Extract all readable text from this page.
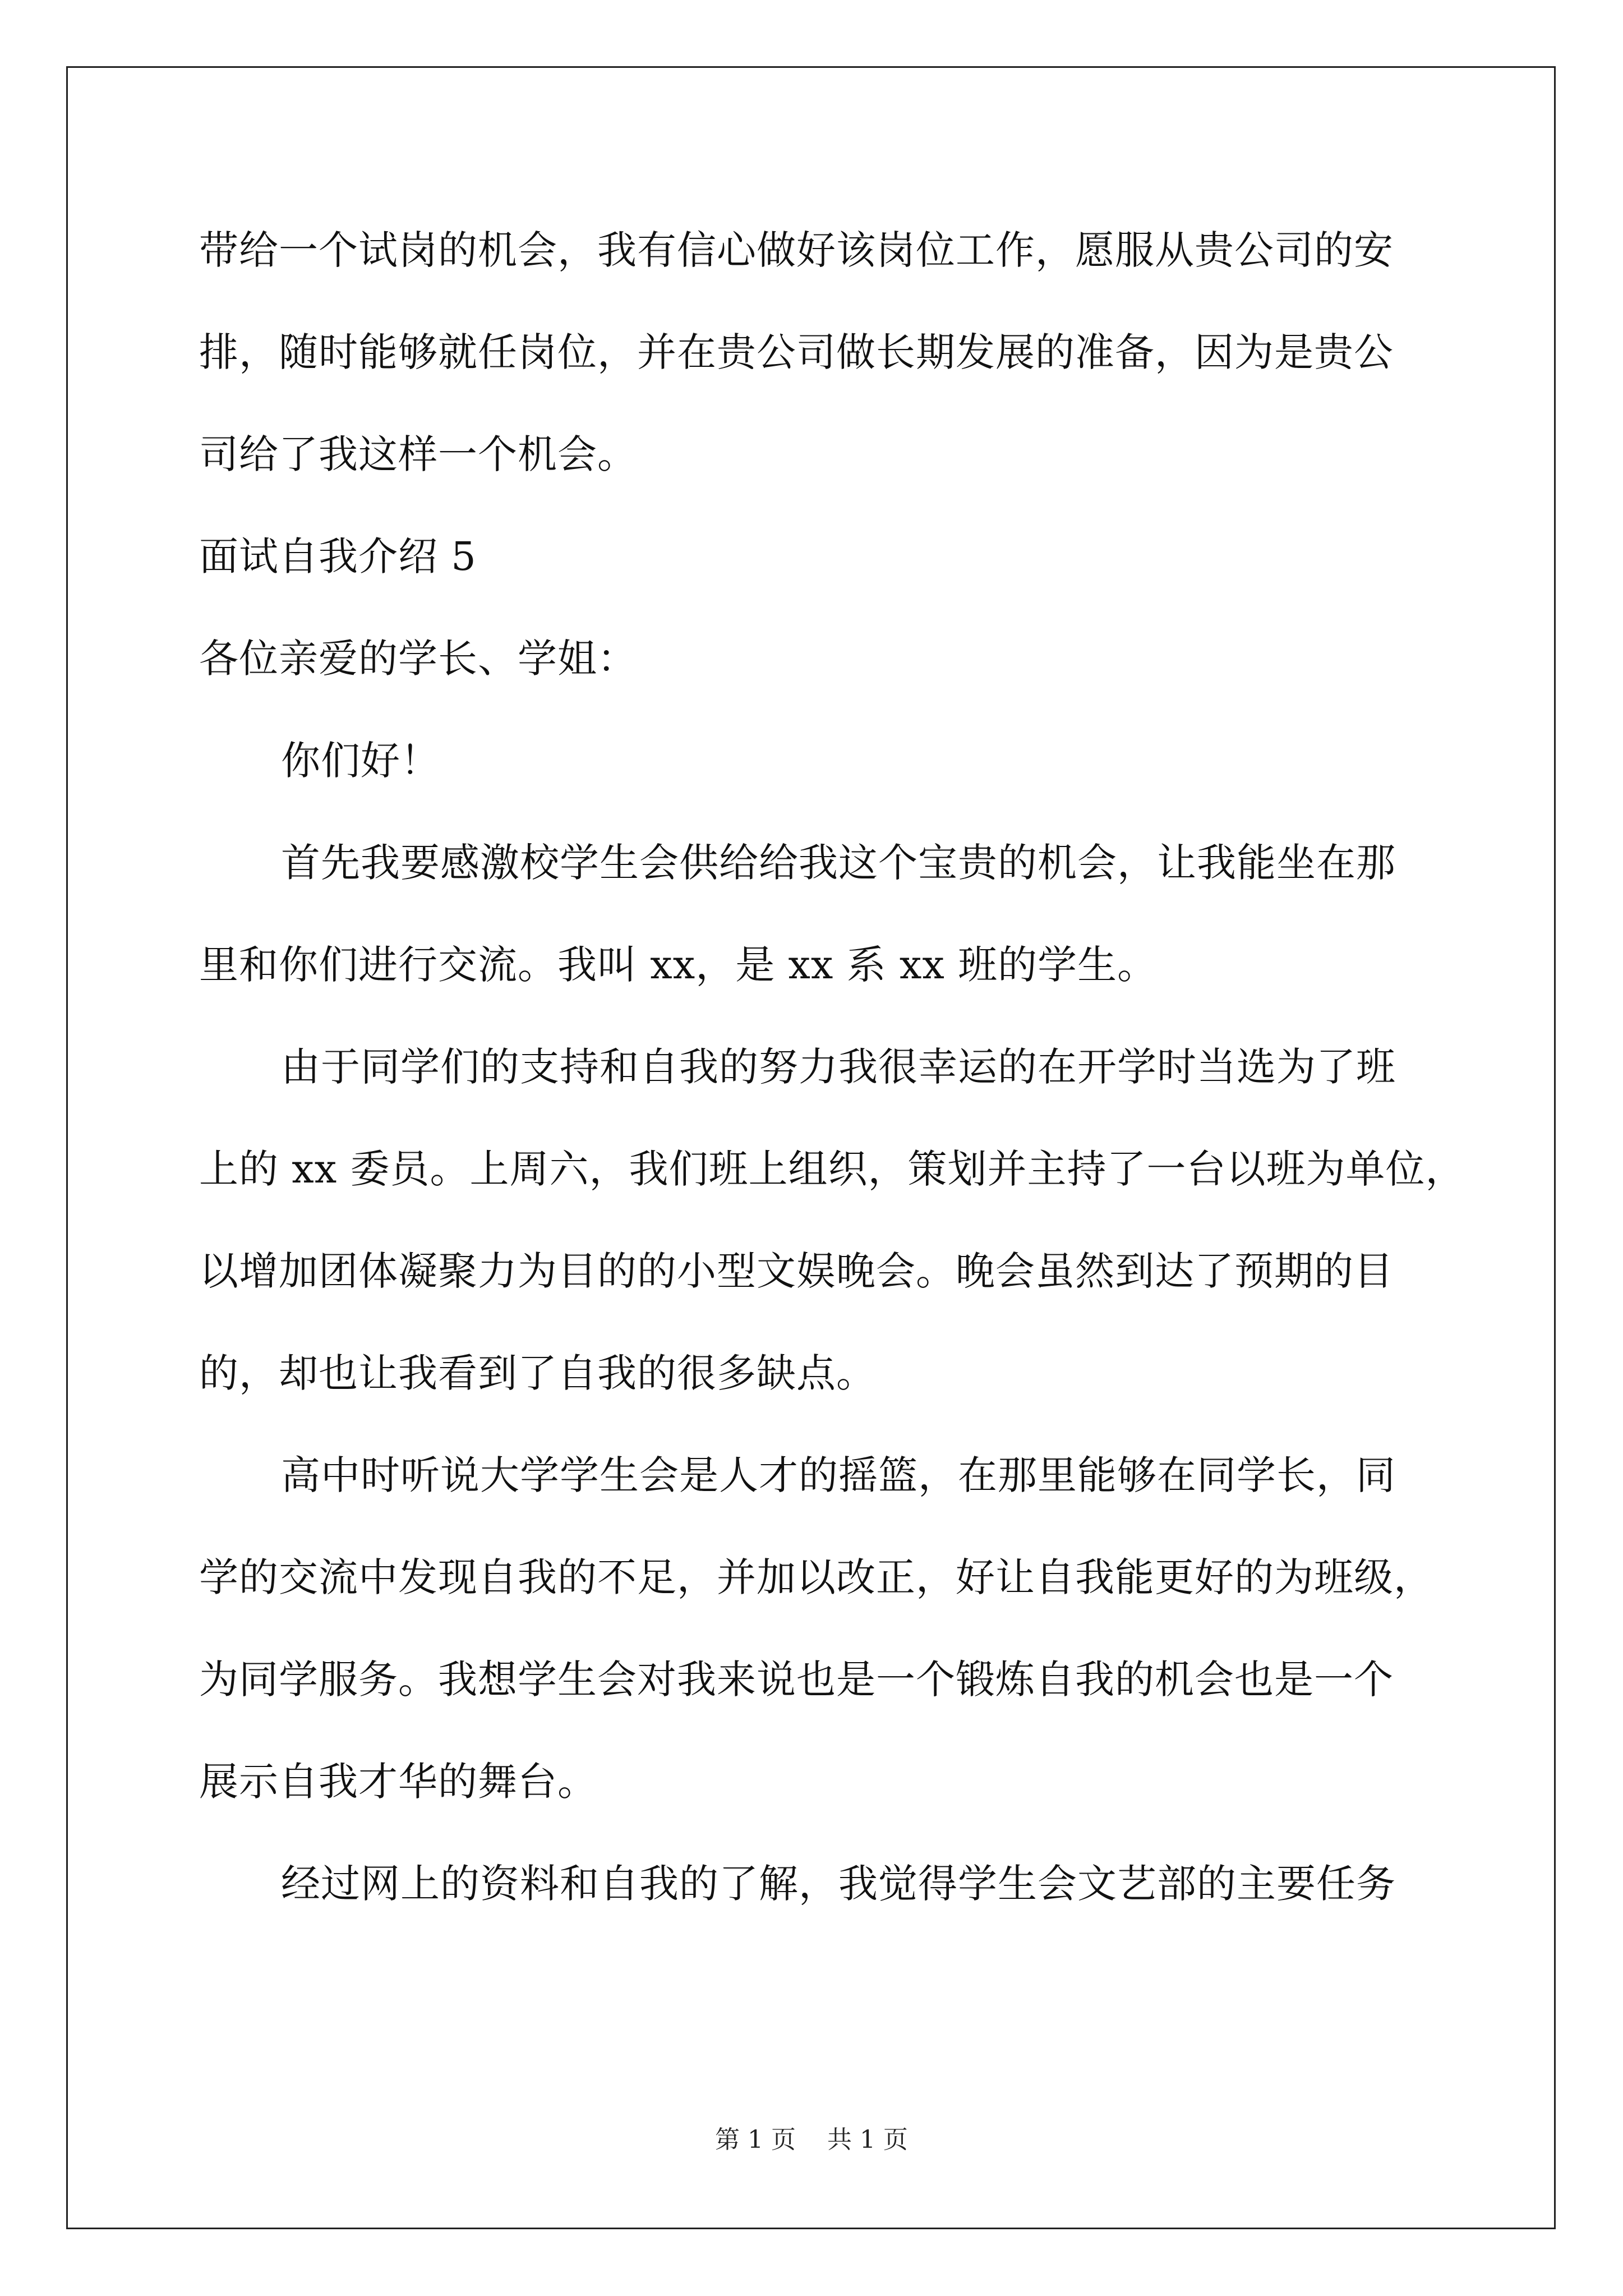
带给一个试岗的机会，我有信心做好该岗位工作，愿服从贵公司的安
排，随时能够就任岗位，并在贵公司做长期发展的准备，因为是贵公
司给了我这样一个机会。
面试自我介绍 5
各位亲爱的学长、学姐：
你们好！
首先我要感激校学生会供给给我这个宝贵的机会，让我能坐在那
里和你们进行交流。我叫 xx，是 xx 系 xx 班的学生。
由于同学们的支持和自我的努力我很幸运的在开学时当选为了班
上的 xx 委员。上周六，我们班上组织，策划并主持了一台以班为单位，
以增加团体凝聚力为目的的小型文娱晚会。晚会虽然到达了预期的目
的，却也让我看到了自我的很多缺点。
高中时听说大学学生会是人才的摇篮，在那里能够在同学长，同
学的交流中发现自我的不足，并加以改正，好让自我能更好的为班级，
为同学服务。我想学生会对我来说也是一个锻炼自我的机会也是一个
展示自我才华的舞台。
经过网上的资料和自我的了解，我觉得学生会文艺部的主要任务
第 1 页    共 1 页
